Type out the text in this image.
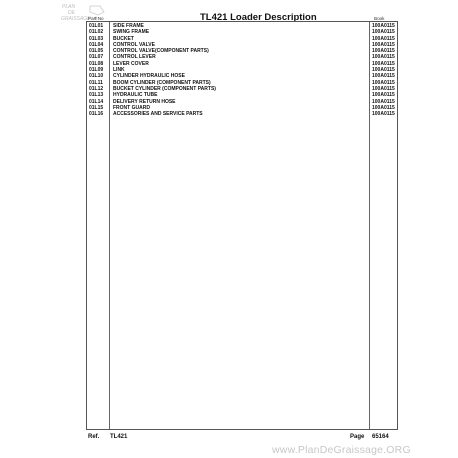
PLAN
DE
GRAISSAGE	TL421 Loader Description
Part No	Book
01L01 SIDE FRAME	100A0115
01L02 SWING FRAME	100A0115
01L03 BUCKET	100A0115
01L04 CONTROL VALVE	100A0115
01L05 CONTROL VALVE(COMPONENT PARTS)	100A0115
01L07 CONTROL LEVER	100A0115
01L08 LEVER COVER	100A0115
01L09 LINK	100A0115
01L10 CYLINDER HYDRAULIC HOSE	100A0115
01L11 BOOM CYLINDER (COMPONENT PARTS)	100A0115
01L12 BUCKET CYLINDER (COMPONENT PARTS)	100A0115
01L13 HYDRAULIC TUBE	100A0115
01L14 DELIVERY RETURN HOSE	100A0115
01L15 FRONT GUARD	100A0115
01L16 ACCESSORIES AND SERVICE PARTS	100A0115
Ref. TL421	Page 65164
www.PlanDeGraissage.ORG
